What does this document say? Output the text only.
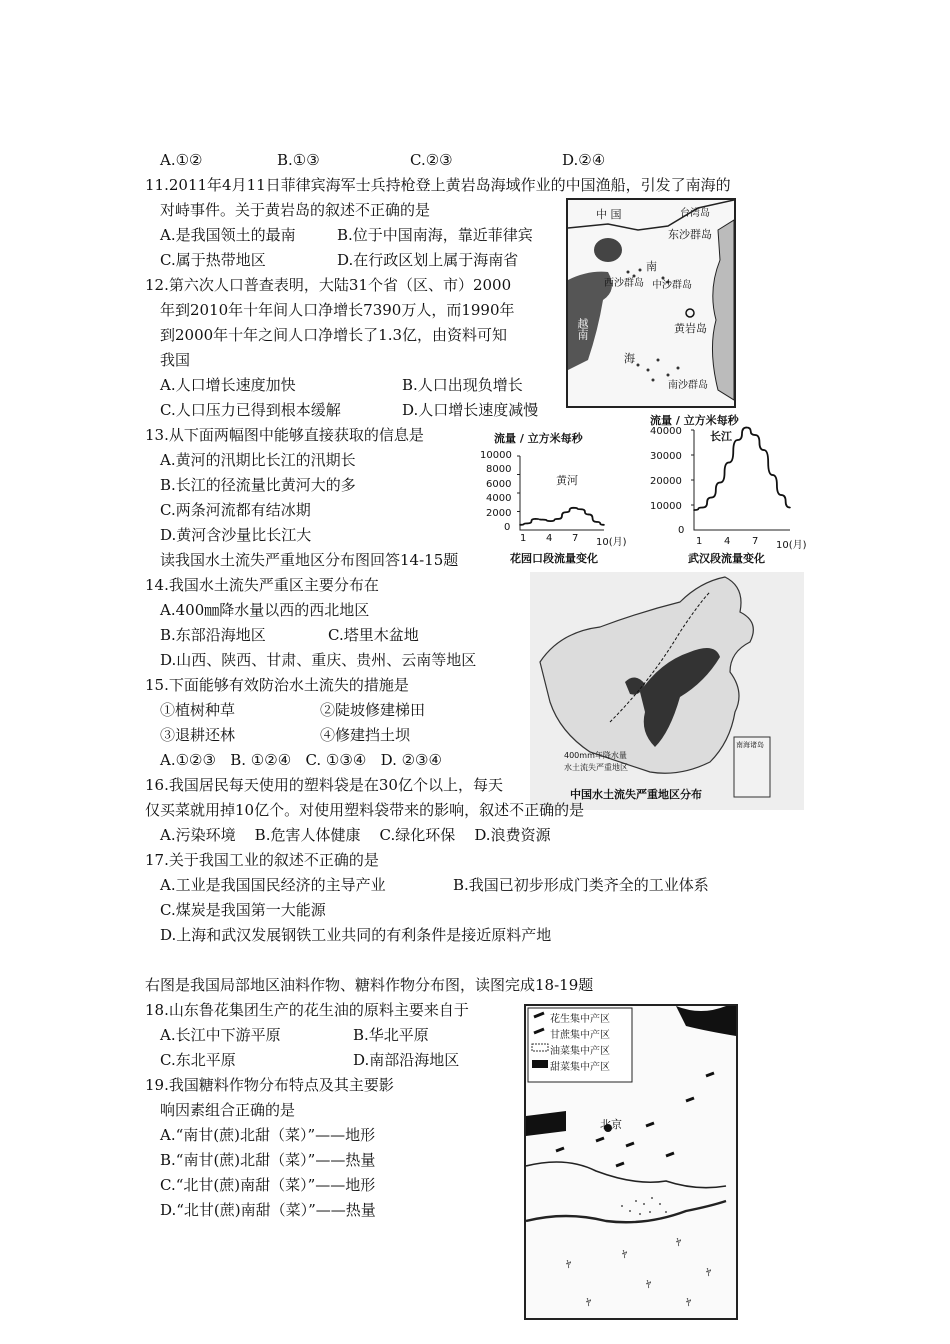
A.①②	B.①③	C.②③	D.②④
11.2011年4月11日菲律宾海军士兵持枪登上黄岩岛海域作业的中国渔船，引发了南海的
对峙事件。关于黄岩岛的叙述不正确的是
A.是我国领土的最南	B.位于中国南海，靠近菲律宾
C.属于热带地区	D.在行政区划上属于海南省
中 国	台湾岛
东沙群岛
南
西沙群岛 中沙群岛
黄岩岛
越南
海
南沙群岛
12.第六次人口普查表明，大陆31个省（区、市）2000
年到2010年十年间人口净增长7390万人，而1990年
到2000年十年之间人口净增长了1.3亿，由资料可知
我国
A.人口增长速度加快	B.人口出现负增长
C.人口压力已得到根本缓解	D.人口增长速度减慢
13.从下面两幅图中能够直接获取的信息是
A.黄河的汛期比长江的汛期长
B.长江的径流量比黄河大的多
C.两条河流都有结冰期
D.黄河含沙量比长江大
读我国水土流失严重地区分布图回答14-15题
流量 / 立方米每秒
10000
8000
6000
4000
2000
0
黄河
1 4 7 10(月)
花园口段流量变化
流量 / 立方米每秒
40000
30000
20000
10000
0
长江
1 4 7 10(月)
武汉段流量变化
14.我国水土流失严重区主要分布在
A.400㎜降水量以西的西北地区
B.东部沿海地区	C.塔里木盆地
D.山西、陕西、甘肃、重庆、贵州、云南等地区
15.下面能够有效防治水土流失的措施是
①植树种草	②陡坡修建梯田
③退耕还林	④修建挡土坝
A.①②③   B. ①②④   C. ①③④   D. ②③④	400mm年降水量
水土流失严重地区
南海诸岛
中国水土流失严重地区分布
16.我国居民每天使用的塑料袋是在30亿个以上，每天
仅买菜就用掉10亿个。对使用塑料袋带来的影响，叙述不正确的是
A.污染环境    B.危害人体健康    C.绿化环保    D.浪费资源
17.关于我国工业的叙述不正确的是
A.工业是我国国民经济的主导产业	B.我国已初步形成门类齐全的工业体系
C.煤炭是我国第一大能源
D.上海和武汉发展钢铁工业共同的有利条件是接近原料产地
右图是我国局部地区油料作物、糖料作物分布图，读图完成18-19题
18.山东鲁花集团生产的花生油的原料主要来自于
A.长江中下游平原	B.华北平原
C.东北平原	D.南部沿海地区
19.我国糖料作物分布特点及其主要影
响因素组合正确的是
A.“南甘(蔗)北甜（菜）”——地形
B.“南甘(蔗)北甜（菜）”——热量
C.“北甘(蔗)南甜（菜）”——地形
D.“北甘(蔗)南甜（菜）”——热量
ﾔ
ﾔ
ﾔ
ﾔ
ﾔ
ﾔ	ﾔ
花生集中产区
甘蔗集中产区
油菜集中产区
甜菜集中产区
北京
